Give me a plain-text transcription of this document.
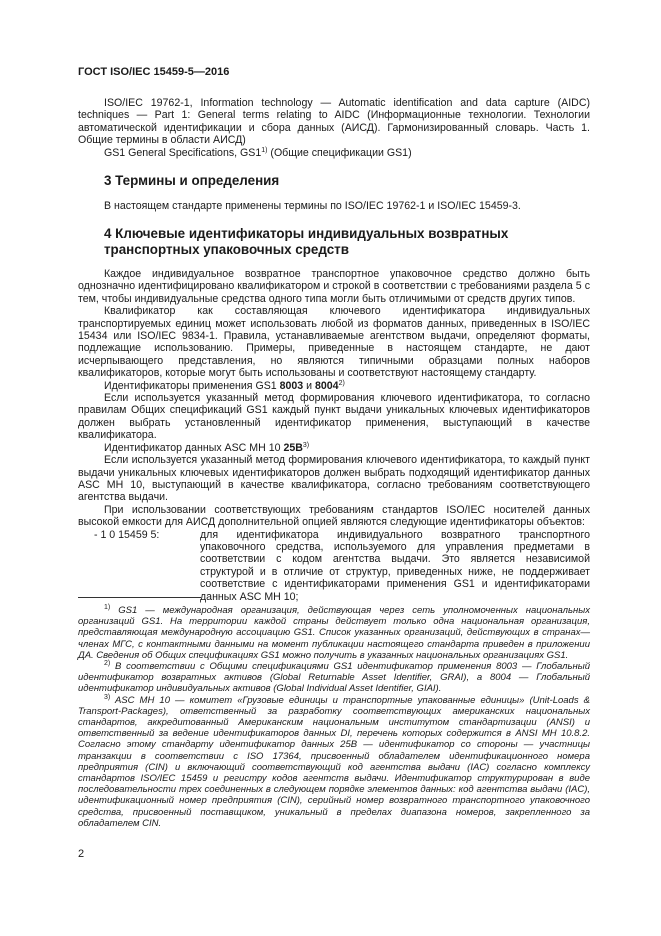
ГОСТ ISO/IEC 15459-5—2016

ISO/IEC 19762-1, Information technology — Automatic identification and data capture (AIDC) techniques — Part 1: General terms relating to AIDC (Информационные технологии. Технологии автоматической идентификации и сбора данных (АИСД). Гармонизированный словарь. Часть 1. Общие термины в области АИСД)

GS1 General Specifications, GS1$^{1)}$ (Общие спецификации GS1)

3 Термины и определения

В настоящем стандарте применены термины по ISO/IEC 19762-1 и ISO/IEC 15459-3.

4 Ключевые идентификаторы индивидуальных возвратных
транспортных упаковочных средств

Каждое индивидуальное возвратное транспортное упаковочное средство должно быть однозначно идентифицировано квалификатором и строкой в соответствии с требованиями раздела 5 с тем, чтобы индивидуальные средства одного типа могли быть отличимыми от средств других типов.

Квалификатор как составляющая ключевого идентификатора индивидуальных транспортируемых единиц может использовать любой из форматов данных, приведенных в ISO/IEC 15434 или ISO/IEC 9834-1. Правила, устанавливаемые агентством выдачи, определяют форматы, подлежащие использованию. Примеры, приведенные в настоящем стандарте, не дают исчерпывающего представления, но являются типичными образцами полных наборов квалификаторов, которые могут быть использованы и соответствуют настоящему стандарту.

Идентификаторы применения GS1 8003 и 8004$^{2)}$

Если используется указанный метод формирования ключевого идентификатора, то согласно правилам Общих спецификаций GS1 каждый пункт выдачи уникальных ключевых идентификаторов должен выбрать установленный идентификатор применения, выступающий в качестве квалификатора.

Идентификатор данных ASC MH 10 $25B^{3)}$

Если используется указанный метод формирования ключевого идентификатора, то каждый пункт выдачи уникальных ключевых идентификаторов должен выбрать подходящий идентификатор данных ASC MH 10, выступающий в качестве квалификатора, согласно требованиям соответствующего агентства выдачи.

При использовании соответствующих требованиям стандартов ISO/IEC носителей данных высокой емкости для АИСД дополнительной опцией являются следующие идентификаторы объектов:

- 1 0 15459 5:	для идентификатора индивидуального возвратного транспортного упаковочного средства, используемого для управления предметами в соответствии с кодом агентства выдачи. Это является независимой структурой и в отличие от структур, приведенных ниже, не поддерживает соответствие с идентификаторами применения GS1 и идентификаторами данных ASC MH 10;

$^{1)}$ GS1 — международная организация, действующая через сеть уполномоченных национальных организаций GS1. На территории каждой страны действует только одна национальная организация, представляющая международную ассоциацию GS1. Список указанных организаций, действующих в странах—членах МГС, с контактными данными на момент публикации настоящего стандарта приведен в приложении ДА. Сведения об Общих спецификациях GS1 можно получить в указанных национальных организациях GS1.

$^{2)}$ В соответствии с Общими спецификациями GS1 идентификатор применения 8003 — Глобальный идентификатор возвратных активов (Global Returnable Asset Identifier, GRAI), а 8004 — Глобальный идентификатор индивидуальных активов (Global Individual Asset Identifier, GIAI).

$^{3)}$ ASC MH 10 — комитет «Грузовые единицы и транспортные упакованные единицы» (Unit-Loads & Transport-Packages), ответственный за разработку соответствующих американских национальных стандартов, аккредитованный Американским национальным институтом стандартизации (ANSI) и ответственный за ведение идентификаторов данных DI, перечень которых содержится в ANSI MH 10.8.2. Согласно этому стандарту идентификатор данных 25B — идентификатор со стороны — участницы транзакции в соответствии с ISO 17364, присвоенный обладателем идентификационного номера предприятия (CIN) и включающий соответствующий код агентства выдачи (IAC) согласно комплексу стандартов ISO/IEC 15459 и регистру кодов агентств выдачи. Идентификатор структурирован в виде последовательности трех соединенных в следующем порядке элементов данных: код агентства выдачи (IAC), идентификационный номер предприятия (CIN), серийный номер возвратного транспортного упаковочного средства, присвоенный поставщиком, уникальный в пределах диапазона номеров, закрепленного за обладателем CIN.

2
